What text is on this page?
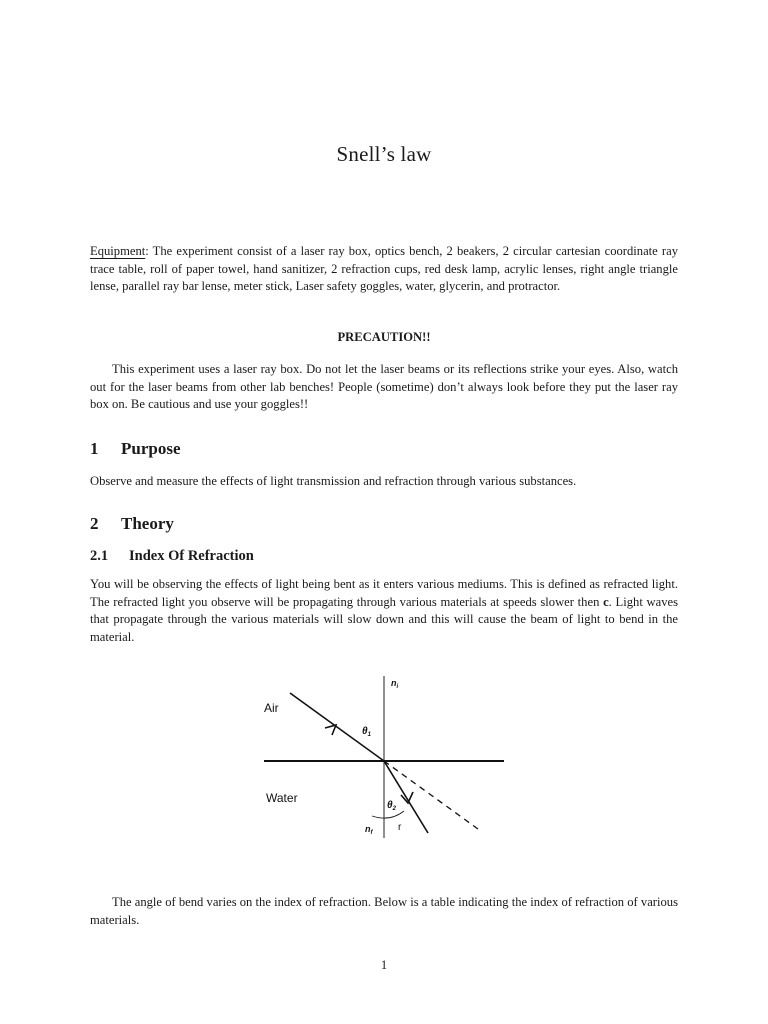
Snell’s law
Equipment: The experiment consist of a laser ray box, optics bench, 2 beakers, 2 circular cartesian coordinate ray trace table, roll of paper towel, hand sanitizer, 2 refraction cups, red desk lamp, acrylic lenses, right angle triangle lense, parallel ray bar lense, meter stick, Laser safety goggles, water, glycerin, and protractor.
PRECAUTION!!
This experiment uses a laser ray box. Do not let the laser beams or its reflections strike your eyes. Also, watch out for the laser beams from other lab benches! People (sometime) don’t always look before they put the laser ray box on. Be cautious and use your goggles!!
1 Purpose
Observe and measure the effects of light transmission and refraction through various substances.
2 Theory
2.1 Index Of Refraction
You will be observing the effects of light being bent as it enters various mediums. This is defined as refracted light. The refracted light you observe will be propagating through various materials at speeds slower then c. Light waves that propagate through the various materials will slow down and this will cause the beam of light to bend in the material.
Air
Water
$n_i$
$\theta_1$
$\theta_2$
$n_f$	r
The angle of bend varies on the index of refraction. Below is a table indicating the index of refraction of various materials.
1
